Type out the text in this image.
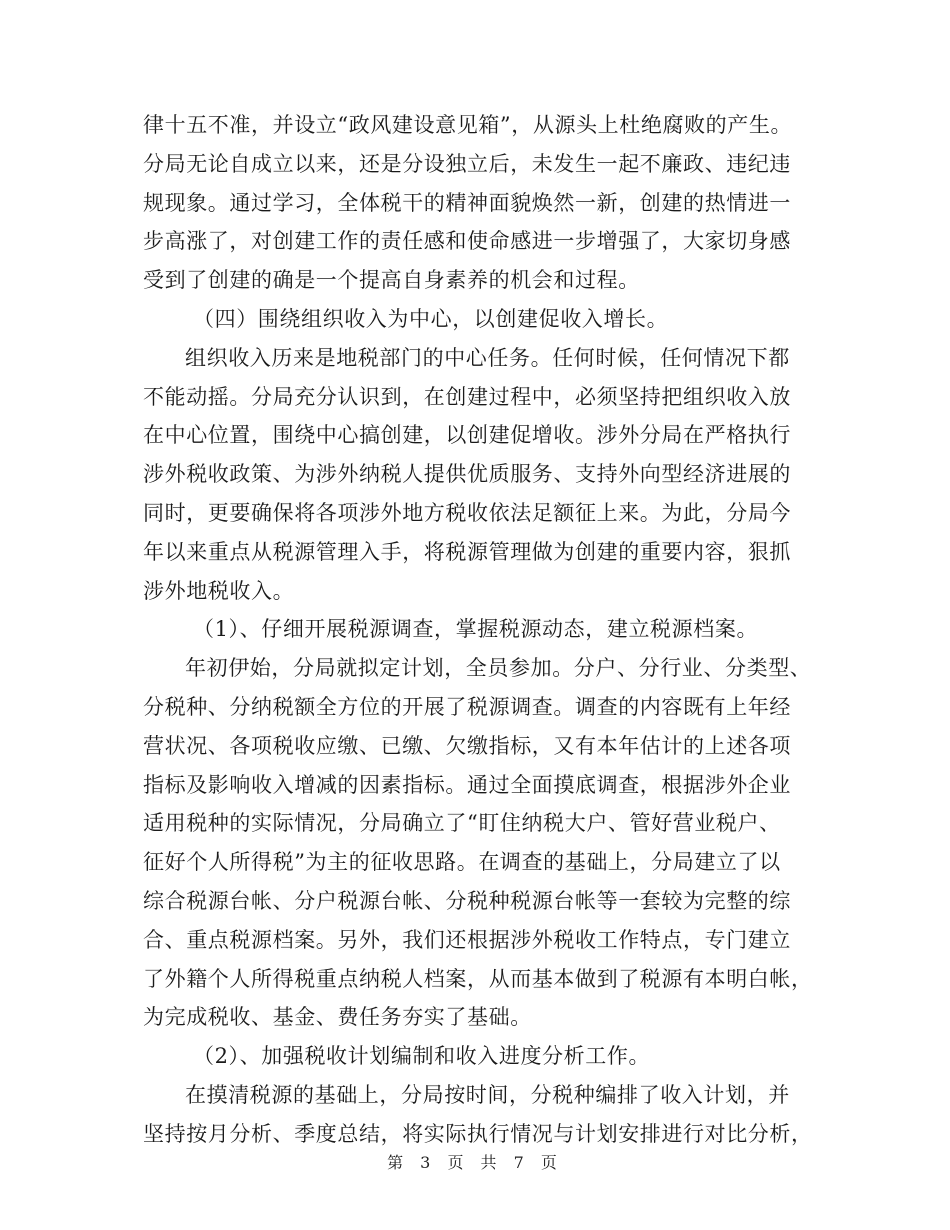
律十五不准，并设立“政风建设意见箱”，从源头上杜绝腐败的产生。
分局无论自成立以来，还是分设独立后，未发生一起不廉政、违纪违
规现象。通过学习，全体税干的精神面貌焕然一新，创建的热情进一
步高涨了，对创建工作的责任感和使命感进一步增强了，大家切身感
受到了创建的确是一个提高自身素养的机会和过程。
（四）围绕组织收入为中心，以创建促收入增长。
组织收入历来是地税部门的中心任务。任何时候，任何情况下都
不能动摇。分局充分认识到，在创建过程中，必须坚持把组织收入放
在中心位置，围绕中心搞创建，以创建促增收。涉外分局在严格执行
涉外税收政策、为涉外纳税人提供优质服务、支持外向型经济进展的
同时，更要确保将各项涉外地方税收依法足额征上来。为此，分局今
年以来重点从税源管理入手，将税源管理做为创建的重要内容，狠抓
涉外地税收入。
（1）、仔细开展税源调查，掌握税源动态，建立税源档案。
年初伊始，分局就拟定计划，全员参加。分户、分行业、分类型、
分税种、分纳税额全方位的开展了税源调查。调查的内容既有上年经
营状况、各项税收应缴、已缴、欠缴指标，又有本年估计的上述各项
指标及影响收入增减的因素指标。通过全面摸底调查，根据涉外企业
适用税种的实际情况，分局确立了“盯住纳税大户、管好营业税户、
征好个人所得税”为主的征收思路。在调查的基础上，分局建立了以
综合税源台帐、分户税源台帐、分税种税源台帐等一套较为完整的综
合、重点税源档案。另外，我们还根据涉外税收工作特点，专门建立
了外籍个人所得税重点纳税人档案，从而基本做到了税源有本明白帐，
为完成税收、基金、费任务夯实了基础。
（2）、加强税收计划编制和收入进度分析工作。
在摸清税源的基础上，分局按时间，分税种编排了收入计划，并
坚持按月分析、季度总结，将实际执行情况与计划安排进行对比分析，
第 3 页 共 7 页
